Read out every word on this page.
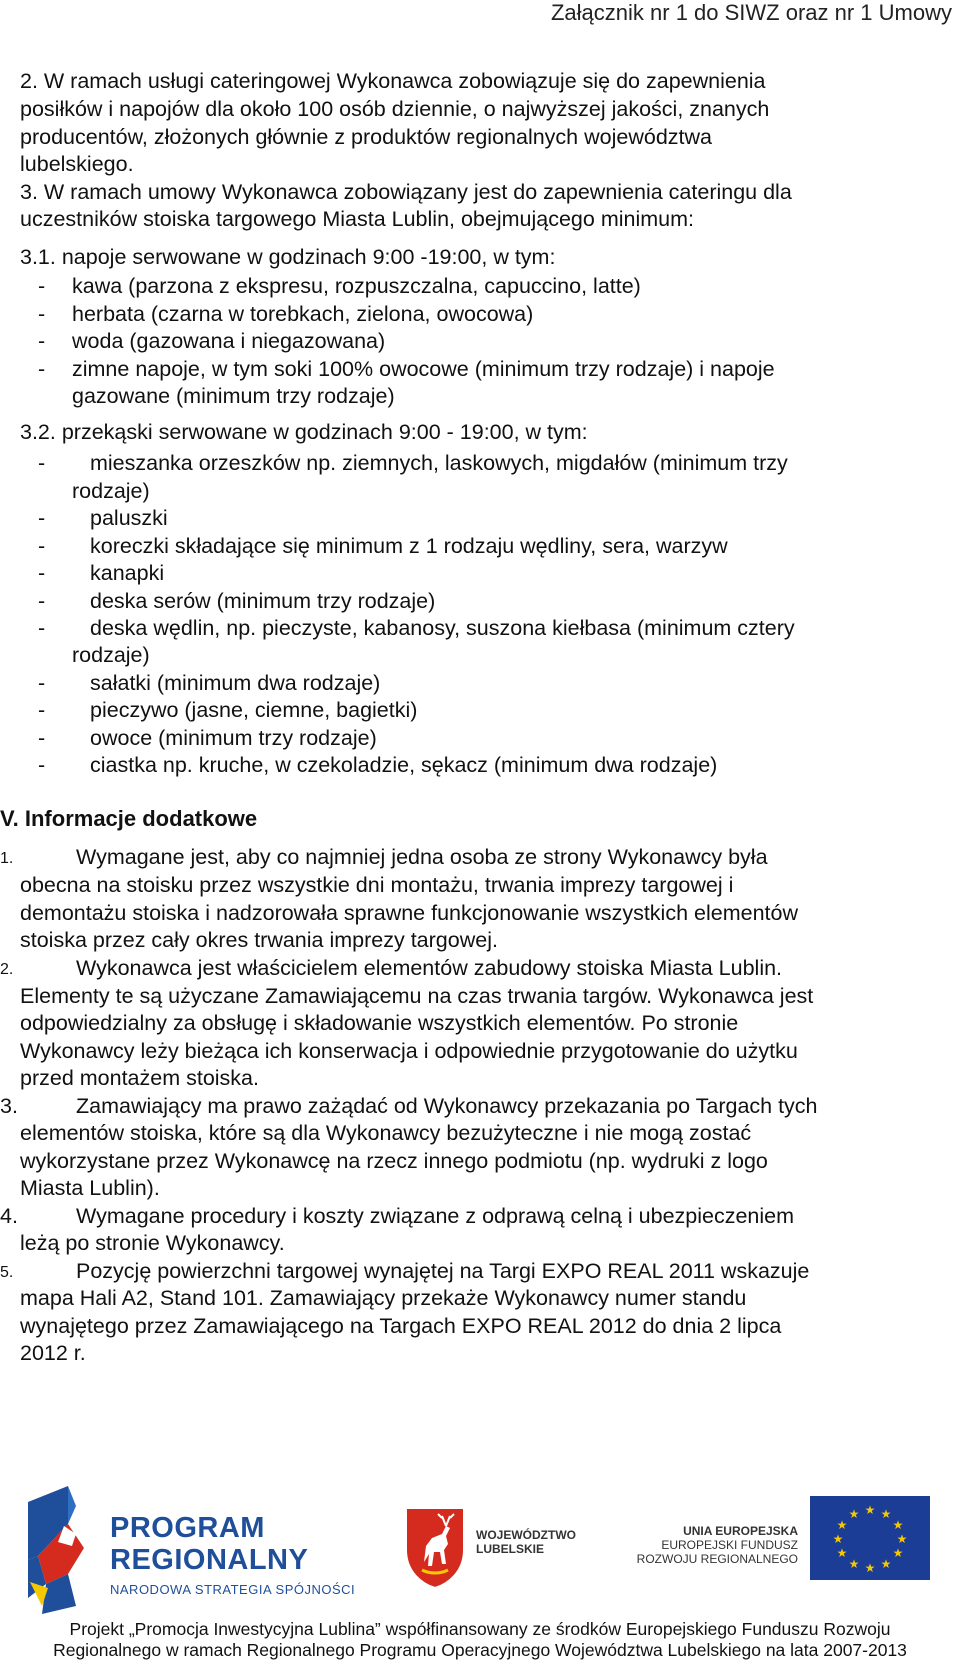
Załącznik nr 1 do SIWZ oraz nr 1 Umowy
2. W ramach usługi cateringowej Wykonawca zobowiązuje się do zapewnienia
posiłków i napojów dla około 100 osób dziennie, o najwyższej jakości, znanych
producentów, złożonych głównie z produktów regionalnych województwa
lubelskiego.
3. W ramach umowy Wykonawca zobowiązany jest do zapewnienia cateringu dla
uczestników stoiska targowego Miasta Lublin, obejmującego minimum:
3.1. napoje serwowane w godzinach 9:00 -19:00, w tym:
- kawa (parzona z ekspresu, rozpuszczalna, capuccino, latte)
- herbata (czarna w torebkach, zielona, owocowa)
- woda (gazowana i niegazowana)
- zimne napoje, w tym soki 100% owocowe (minimum trzy rodzaje) i napoje
gazowane (minimum trzy rodzaje)
3.2. przekąski serwowane w godzinach 9:00 - 19:00, w tym:
- mieszanka orzeszków np. ziemnych, laskowych, migdałów (minimum trzy
rodzaje)
- paluszki
- koreczki składające się minimum z 1 rodzaju wędliny, sera, warzyw
- kanapki
- deska serów (minimum trzy rodzaje)
- deska wędlin, np. pieczyste, kabanosy, suszona kiełbasa (minimum cztery
rodzaje)
- sałatki (minimum dwa rodzaje)
- pieczywo (jasne, ciemne, bagietki)
- owoce (minimum trzy rodzaje)
- ciastka np. kruche, w czekoladzie, sękacz (minimum dwa rodzaje)
V. Informacje dodatkowe
1.	Wymagane jest, aby co najmniej jedna osoba ze strony Wykonawcy była
obecna na stoisku przez wszystkie dni montażu, trwania imprezy targowej i
demontażu stoiska i nadzorowała sprawne funkcjonowanie wszystkich elementów
stoiska przez cały okres trwania imprezy targowej.
2.	Wykonawca jest właścicielem elementów zabudowy stoiska Miasta Lublin.
Elementy te są użyczane Zamawiającemu na czas trwania targów. Wykonawca jest
odpowiedzialny za obsługę i składowanie wszystkich elementów. Po stronie
Wykonawcy leży bieżąca ich konserwacja i odpowiednie przygotowanie do użytku
przed montażem stoiska.
3.	Zamawiający ma prawo zażądać od Wykonawcy przekazania po Targach tych
elementów stoiska, które są dla Wykonawcy bezużyteczne i nie mogą zostać
wykorzystane przez Wykonawcę na rzecz innego podmiotu (np. wydruki z logo
Miasta Lublin).
4.	Wymagane procedury i koszty związane z odprawą celną i ubezpieczeniem
leżą po stronie Wykonawcy.
5.	Pozycję powierzchni targowej wynajętej na Targi EXPO REAL 2011 wskazuje
mapa Hali A2, Stand 101. Zamawiający przekaże Wykonawcy numer standu
wynajętego przez Zamawiającego na Targach EXPO REAL 2012 do dnia 2 lipca
2012 r.
PROGRAM
REGIONALNY
NARODOWA STRATEGIA SPÓJNOŚCI
WOJEWÓDZTWO
LUBELSKIE
UNIA EUROPEJSKA
EUROPEJSKI FUNDUSZ
ROZWOJU REGIONALNEGO
★ ★
★
★
★
★
★
★
★
★
★
★
Projekt „Promocja Inwestycyjna Lublina” współfinansowany ze środków Europejskiego Funduszu Rozwoju
Regionalnego w ramach Regionalnego Programu Operacyjnego Województwa Lubelskiego na lata 2007-2013
